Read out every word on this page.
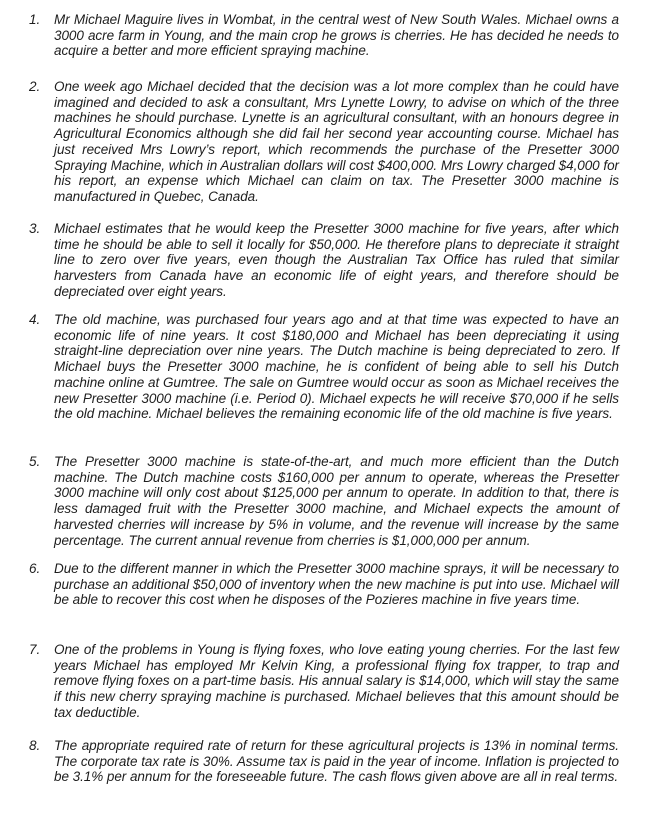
1.	Mr Michael Maguire lives in Wombat, in the central west of New South Wales. Michael owns a 3000 acre farm in Young, and the main crop he grows is cherries. He has decided he needs to acquire a better and more efficient spraying machine.

2.	One week ago Michael decided that the decision was a lot more complex than he could have imagined and decided to ask a consultant, Mrs Lynette Lowry, to advise on which of the three machines he should purchase. Lynette is an agricultural consultant, with an honours degree in Agricultural Economics although she did fail her second year accounting course. Michael has just received Mrs Lowry’s report, which recommends the purchase of the Presetter 3000 Spraying Machine, which in Australian dollars will cost $400,000. Mrs Lowry charged $4,000 for his report, an expense which Michael can claim on tax. The Presetter 3000 machine is manufactured in Quebec, Canada.

3.	Michael estimates that he would keep the Presetter 3000 machine for five years, after which time he should be able to sell it locally for $50,000. He therefore plans to depreciate it straight line to zero over five years, even though the Australian Tax Office has ruled that similar harvesters from Canada have an economic life of eight years, and therefore should be depreciated over eight years.

4.	The old machine, was purchased four years ago and at that time was expected to have an economic life of nine years. It cost $180,000 and Michael has been depreciating it using straight-line depreciation over nine years. The Dutch machine is being depreciated to zero. If Michael buys the Presetter 3000 machine, he is confident of being able to sell his Dutch machine online at Gumtree. The sale on Gumtree would occur as soon as Michael receives the new Presetter 3000 machine (i.e. Period 0). Michael expects he will receive $70,000 if he sells the old machine. Michael believes the remaining economic life of the old machine is five years.

5.	The Presetter 3000 machine is state-of-the-art, and much more efficient than the Dutch machine. The Dutch machine costs $160,000 per annum to operate, whereas the Presetter 3000 machine will only cost about $125,000 per annum to operate. In addition to that, there is less damaged fruit with the Presetter 3000 machine, and Michael expects the amount of harvested cherries will increase by 5% in volume, and the revenue will increase by the same percentage. The current annual revenue from cherries is $1,000,000 per annum.

6.	Due to the different manner in which the Presetter 3000 machine sprays, it will be necessary to purchase an additional $50,000 of inventory when the new machine is put into use. Michael will be able to recover this cost when he disposes of the Pozieres machine in five years time.

7.	One of the problems in Young is flying foxes, who love eating young cherries. For the last few years Michael has employed Mr Kelvin King, a professional flying fox trapper, to trap and remove flying foxes on a part-time basis. His annual salary is $14,000, which will stay the same if this new cherry spraying machine is purchased. Michael believes that this amount should be tax deductible.

8.	The appropriate required rate of return for these agricultural projects is 13% in nominal terms. The corporate tax rate is 30%. Assume tax is paid in the year of income. Inflation is projected to be 3.1% per annum for the foreseeable future. The cash flows given above are all in real terms.
